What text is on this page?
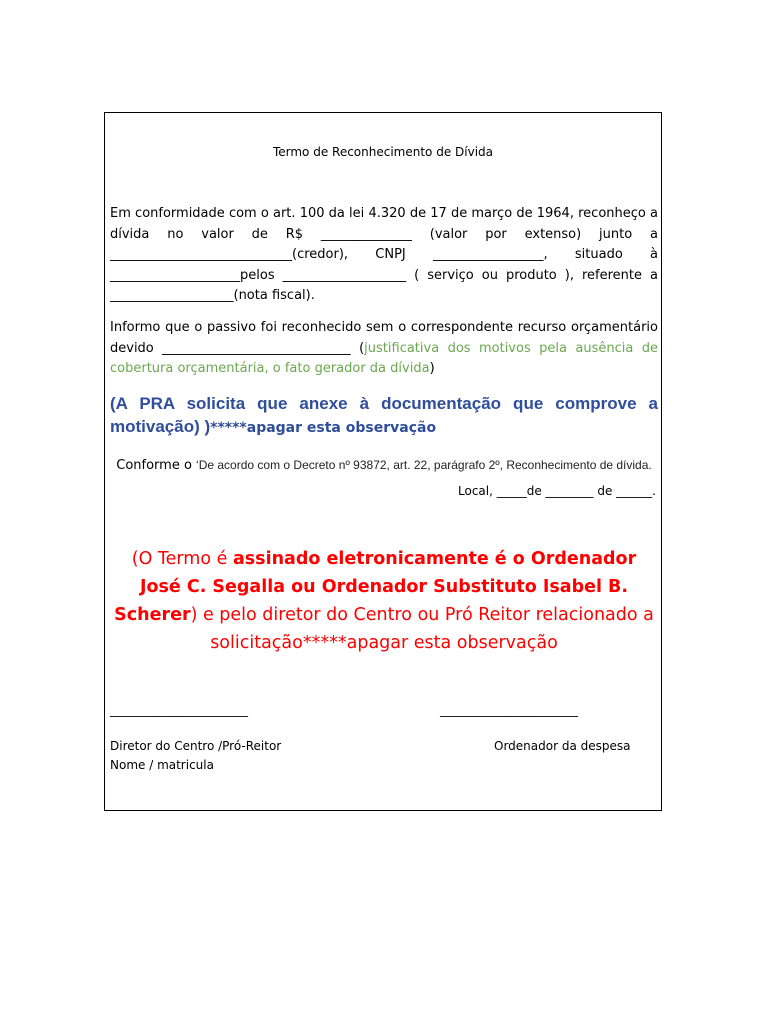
Termo de Reconhecimento de Dívida
Em conformidade com o art. 100 da lei 4.320 de 17 de março de 1964, reconheço a dívida no valor de R$ ______________ (valor por extenso) junto a ____________________________(credor), CNPJ _________________, situado à ____________________pelos ___________________ ( serviço ou produto ), referente a ___________________(nota fiscal).
Informo que o passivo foi reconhecido sem o correspondente recurso orçamentário devido _____________________________ (justificativa dos motivos pela ausência de cobertura orçamentária, o fato gerador da dívida)
(A PRA solicita que anexe à documentação que comprove a motivação) )*****apagar esta observação
Conforme o ‘De acordo com o Decreto nº 93872, art. 22, parágrafo 2º, Reconhecimento de dívida.
Local, _____de ________ de ______.
(O Termo é assinado eletronicamente é o Ordenador José C. Segalla ou Ordenador Substituto Isabel B. Scherer) e pelo diretor do Centro ou Pró Reitor relacionado a solicitação*****apagar esta observação
_________________________	_________________________
Diretor do Centro /Pró-Reitor
Nome / matricula
Ordenador da despesa
